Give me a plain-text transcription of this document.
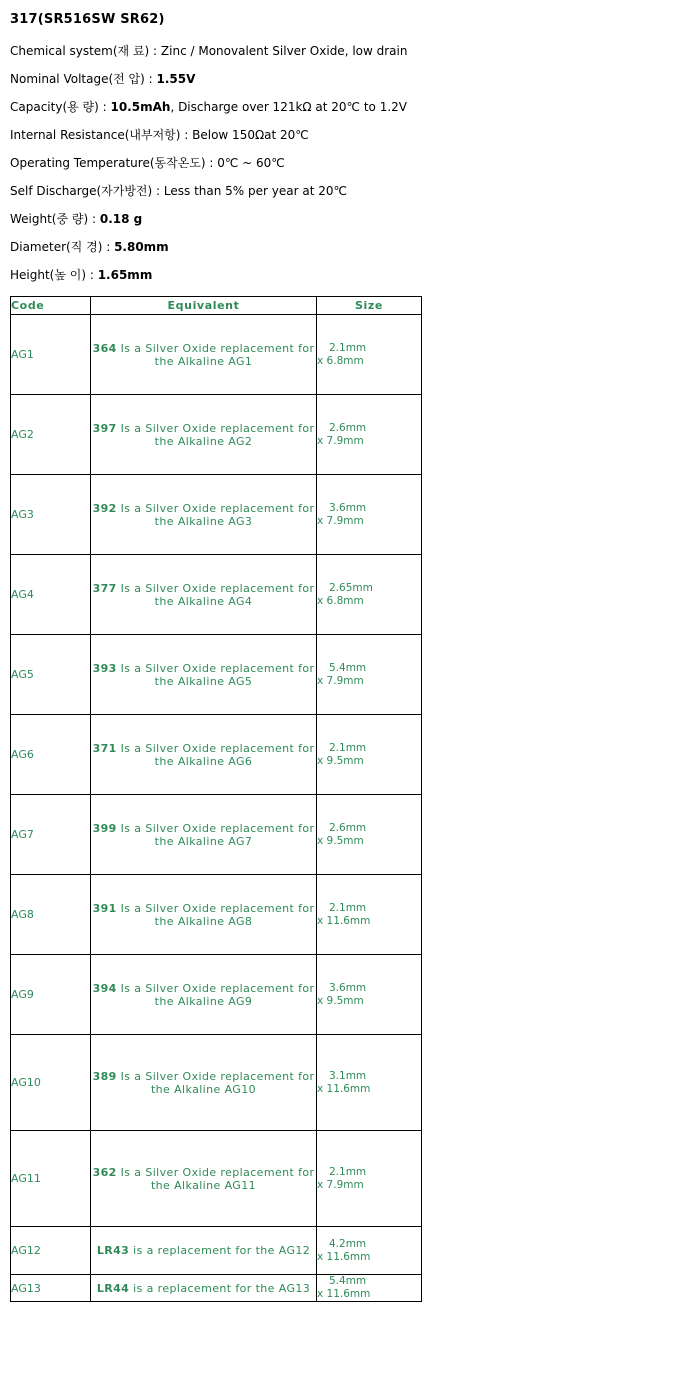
317(SR516SW SR62)
Chemical system(재 료) : Zinc / Monovalent Silver Oxide, low drain
Nominal Voltage(전 압) : 1.55V
Capacity(용 량) : 10.5mAh, Discharge over 121kΩ at 20℃ to 1.2V
Internal Resistance(내부저항) : Below 150Ωat 20℃
Operating Temperature(동작온도) : 0℃ ~ 60℃
Self Discharge(자가방전) : Less than 5% per year at 20℃
Weight(중 량) : 0.18 g
Diameter(직 경) : 5.80mm
Height(높 이) : 1.65mm
Code	Equivalent	Size
AG1	364 Is a Silver Oxide replacement for the Alkaline AG1	2.1mm
x 6.8mm

AG2	397 Is a Silver Oxide replacement for the Alkaline AG2	2.6mm
x 7.9mm

AG3	392 Is a Silver Oxide replacement for the Alkaline AG3	3.6mm
x 7.9mm

AG4	377 Is a Silver Oxide replacement for the Alkaline AG4	2.65mm
x 6.8mm

AG5	393 Is a Silver Oxide replacement for the Alkaline AG5	5.4mm
x 7.9mm

AG6	371 Is a Silver Oxide replacement for the Alkaline AG6	2.1mm
x 9.5mm

AG7	399 Is a Silver Oxide replacement for the Alkaline AG7	2.6mm
x 9.5mm

AG8	391 Is a Silver Oxide replacement for the Alkaline AG8	2.1mm
x 11.6mm

AG9	394 Is a Silver Oxide replacement for the Alkaline AG9	3.6mm
x 9.5mm

AG10	389 Is a Silver Oxide replacement for the Alkaline AG10	3.1mm
x 11.6mm

AG11	362 Is a Silver Oxide replacement for the Alkaline AG11	2.1mm
x 7.9mm

AG12	LR43 is a replacement for the AG12	4.2mm
x 11.6mm

AG13	LR44 is a replacement for the AG13	5.4mm
x 11.6mm
